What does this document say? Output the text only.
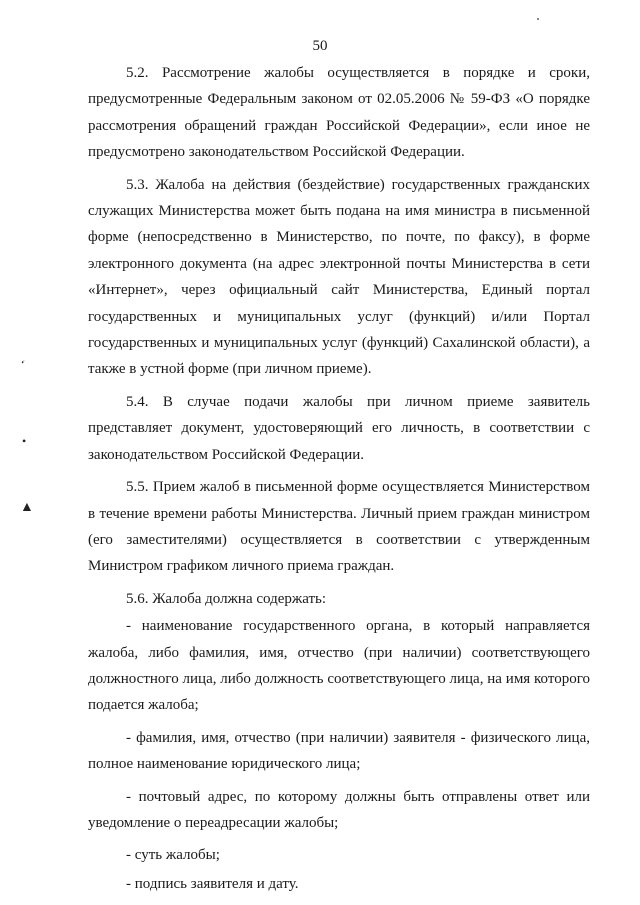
50
‘
•
▲

5.2. Рассмотрение жалобы осуществляется в порядке и сроки, предусмотренные Федеральным законом от 02.05.2006 № 59-ФЗ «О порядке рассмотрения обращений граждан Российской Федерации», если иное не предусмотрено законодательством Российской Федерации.

5.3. Жалоба на действия (бездействие) государственных гражданских служащих Министерства может быть подана на имя министра в письменной форме (непосредственно в Министерство, по почте, по факсу), в форме электронного документа (на адрес электронной почты Министерства в сети «Интернет», через официальный сайт Министерства, Единый портал государственных и муниципальных услуг (функций) и/или Портал государственных и муниципальных услуг (функций) Сахалинской области), а также в устной форме (при личном приеме).

5.4. В случае подачи жалобы при личном приеме заявитель представляет документ, удостоверяющий его личность, в соответствии с законодательством Российской Федерации.

5.5. Прием жалоб в письменной форме осуществляется Министерством в течение времени работы Министерства. Личный прием граждан министром (его заместителями) осуществляется в соответствии с утвержденным Министром графиком личного приема граждан.

5.6. Жалоба должна содержать:

- наименование государственного органа, в который направляется жалоба, либо фамилия, имя, отчество (при наличии) соответствующего должностного лица, либо должность соответствующего лица, на имя которого подается жалоба;

- фамилия, имя, отчество (при наличии) заявителя - физического лица, полное наименование юридического лица;

- почтовый адрес, по которому должны быть отправлены ответ или уведомление о переадресации жалобы;

- суть жалобы;

- подпись заявителя и дату.
